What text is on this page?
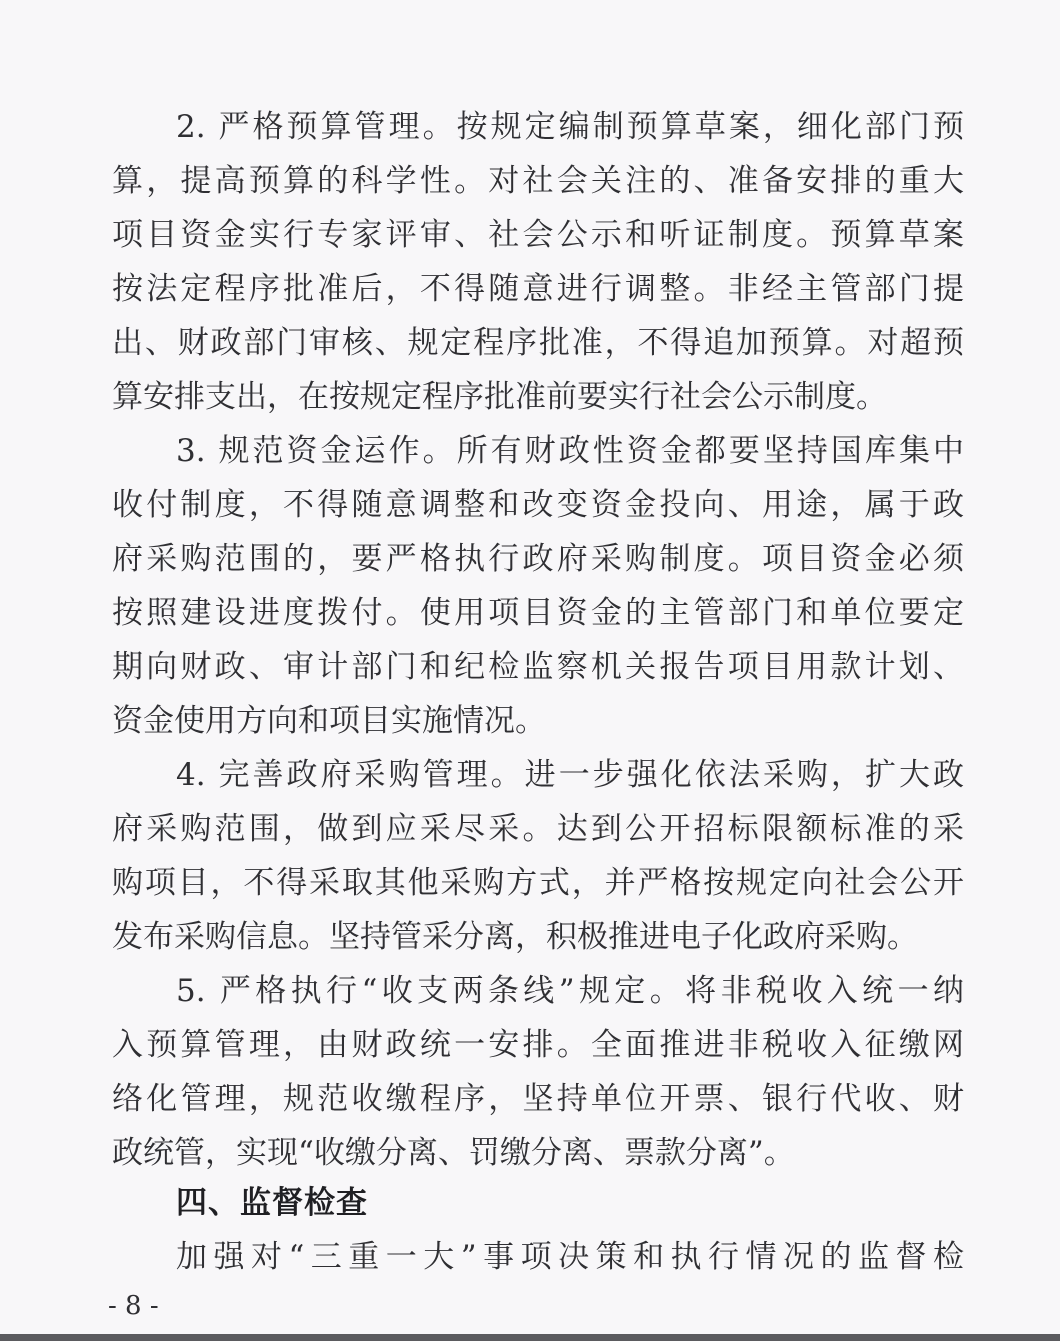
2. 严格预算管理。按规定编制预算草案，细化部门预
算，提高预算的科学性。对社会关注的、准备安排的重大
项目资金实行专家评审、社会公示和听证制度。预算草案
按法定程序批准后，不得随意进行调整。非经主管部门提
出、财政部门审核、规定程序批准，不得追加预算。对超预
算安排支出，在按规定程序批准前要实行社会公示制度。
3. 规范资金运作。所有财政性资金都要坚持国库集中
收付制度，不得随意调整和改变资金投向、用途，属于政
府采购范围的，要严格执行政府采购制度。项目资金必须
按照建设进度拨付。使用项目资金的主管部门和单位要定
期向财政、审计部门和纪检监察机关报告项目用款计划、
资金使用方向和项目实施情况。
4. 完善政府采购管理。进一步强化依法采购，扩大政
府采购范围，做到应采尽采。达到公开招标限额标准的采
购项目，不得采取其他采购方式，并严格按规定向社会公开
发布采购信息。坚持管采分离，积极推进电子化政府采购。
5. 严格执行“收支两条线”规定。将非税收入统一纳
入预算管理，由财政统一安排。全面推进非税收入征缴网
络化管理，规范收缴程序，坚持单位开票、银行代收、财
政统管，实现“收缴分离、罚缴分离、票款分离”。
四、监督检查
加强对“三重一大”事项决策和执行情况的监督检
- 8 -
